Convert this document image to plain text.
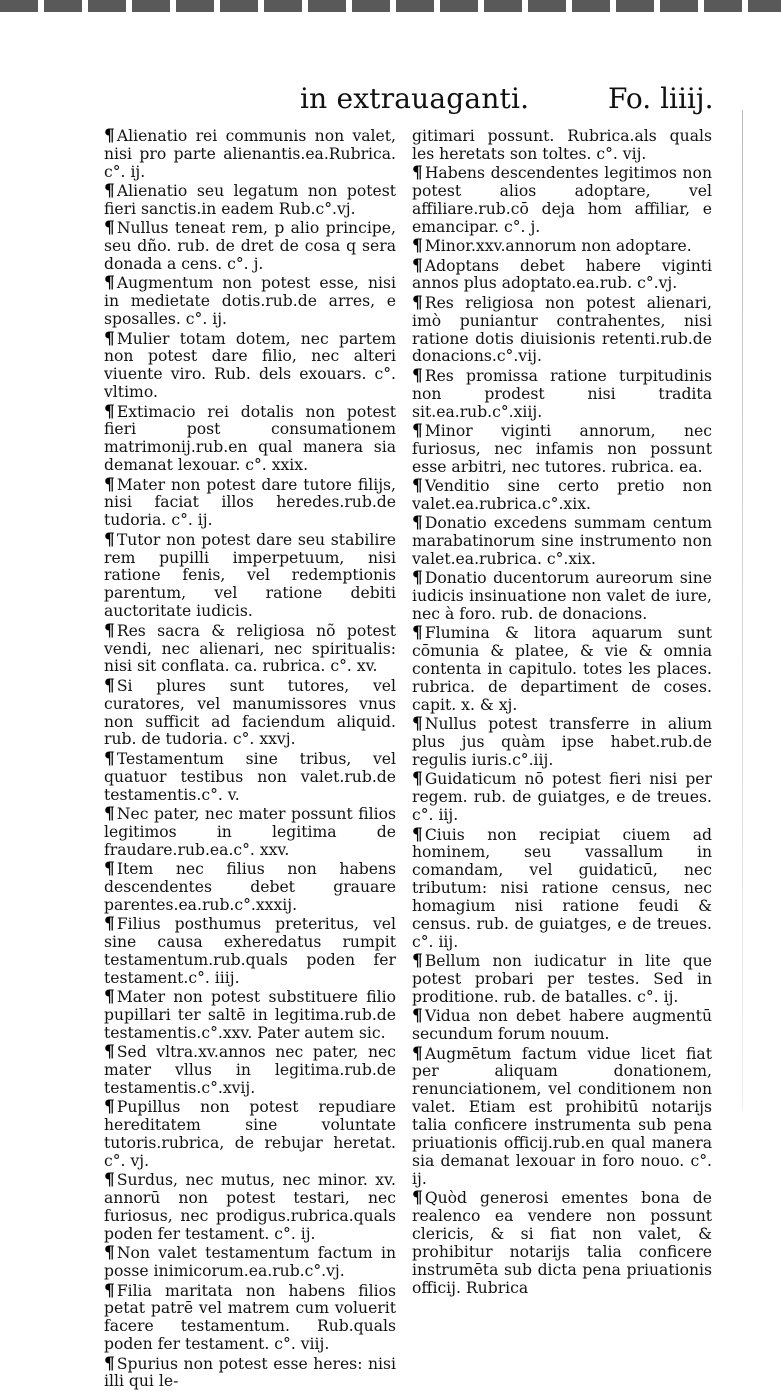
in extrauaganti.	Fo. liiij.

¶ Alienatio rei communis non valet, nisi pro parte alienantis.ea.Rubrica. c°. ij.

¶ Alienatio seu legatum non potest fieri sanctis.in eadem Rub.c°.vj.

¶ Nullus teneat rem, p alio principe, seu dño. rub. de dret de cosa q sera donada a cens. c°. j.

¶ Augmentum non potest esse, nisi in medietate dotis.rub.de arres, e sposalles. c°. ij.

¶ Mulier totam dotem, nec partem non potest dare filio, nec alteri viuente viro. Rub. dels exouars. c°. vltimo.

¶ Extimacio rei dotalis non potest fieri post consumationem matrimonij.rub.en qual manera sia demanat lexouar. c°. xxix.

¶ Mater non potest dare tutore filijs, nisi faciat illos heredes.rub.de tudoria. c°. ij.

¶ Tutor non potest dare seu stabilire rem pupilli imperpetuum, nisi ratione fenis, vel redemptionis parentum, vel ratione debiti auctoritate iudicis.

¶ Res sacra & religiosa nõ potest vendi, nec alienari, nec spiritualis: nisi sit conflata. ca. rubrica. c°. xv.

¶ Si plures sunt tutores, vel curatores, vel manumissores vnus non sufficit ad faciendum aliquid. rub. de tudoria. c°. xxvj.

¶ Testamentum sine tribus, vel quatuor testibus non valet.rub.de testamentis.c°. v.

¶ Nec pater, nec mater possunt filios legitimos in legitima de fraudare.rub.ea.c°. xxv.

¶ Item nec filius non habens descendentes debet grauare parentes.ea.rub.c°.xxxij.

¶ Filius posthumus preteritus, vel sine causa exheredatus rumpit testamentum.rub.quals poden fer testament.c°. iiij.

¶ Mater non potest substituere filio pupillari ter saltē in legitima.rub.de testamentis.c°.xxv. Pater autem sic.

¶ Sed vltra.xv.annos nec pater, nec mater vllus in legitima.rub.de testamentis.c°.xvij.

¶ Pupillus non potest repudiare hereditatem sine voluntate tutoris.rubrica, de rebujar heretat. c°. vj.

¶ Surdus, nec mutus, nec minor. xv. annorū non potest testari, nec furiosus, nec prodigus.rubrica.quals poden fer testament. c°. ij.

¶ Non valet testamentum factum in posse inimicorum.ea.rub.c°.vj.

¶ Filia maritata non habens filios petat patrē vel matrem cum voluerit facere testamentum. Rub.quals poden fer testament. c°. viij.

¶ Spurius non potest esse heres: nisi illi qui le-

gitimari possunt. Rubrica.als quals les heretats son toltes. c°. vij.

¶ Habens descendentes legitimos non potest alios adoptare, vel affiliare.rub.cō deja hom affiliar, e emancipar. c°. j.

¶ Minor.xxv.annorum non adoptare.

¶ Adoptans debet habere viginti annos plus adoptato.ea.rub. c°.vj.

¶ Res religiosa non potest alienari, imò puniantur contrahentes, nisi ratione dotis diuisionis retenti.rub.de donacions.c°.vij.

¶ Res promissa ratione turpitudinis non prodest nisi tradita sit.ea.rub.c°.xiij.

¶ Minor viginti annorum, nec furiosus, nec infamis non possunt esse arbitri, nec tutores. rubrica. ea.

¶ Venditio sine certo pretio non valet.ea.rubrica.c°.xix.

¶ Donatio excedens summam centum marabatinorum sine instrumento non valet.ea.rubrica. c°.xix.

¶ Donatio ducentorum aureorum sine iudicis insinuatione non valet de iure, nec à foro. rub. de donacions.

¶ Flumina & litora aquarum sunt cōmunia & platee, & vie & omnia contenta in capitulo. totes les places. rubrica. de departiment de coses. capit. x. & xj.

¶ Nullus potest transferre in alium plus jus quàm ipse habet.rub.de regulis iuris.c°.iij.

¶ Guidaticum nō potest fieri nisi per regem. rub. de guiatges, e de treues. c°. iij.

¶ Ciuis non recipiat ciuem ad hominem, seu vassallum in comandam, vel guidaticū, nec tributum: nisi ratione census, nec homagium nisi ratione feudi & census. rub. de guiatges, e de treues. c°. iij.

¶ Bellum non iudicatur in lite que potest probari per testes. Sed in proditione. rub. de batalles. c°. ij.

¶ Vidua non debet habere augmentū secundum forum nouum.

¶ Augmētum factum vidue licet fiat per aliquam donationem, renunciationem, vel conditionem non valet. Etiam est prohibitū notarijs talia conficere instrumenta sub pena priuationis officij.rub.en qual manera sia demanat lexouar in foro nouo. c°. ij.

¶ Quòd generosi ementes bona de realenco ea vendere non possunt clericis, & si fiat non valet, & prohibitur notarijs talia conficere instrumēta sub dicta pena priuationis officij. Rubrica
